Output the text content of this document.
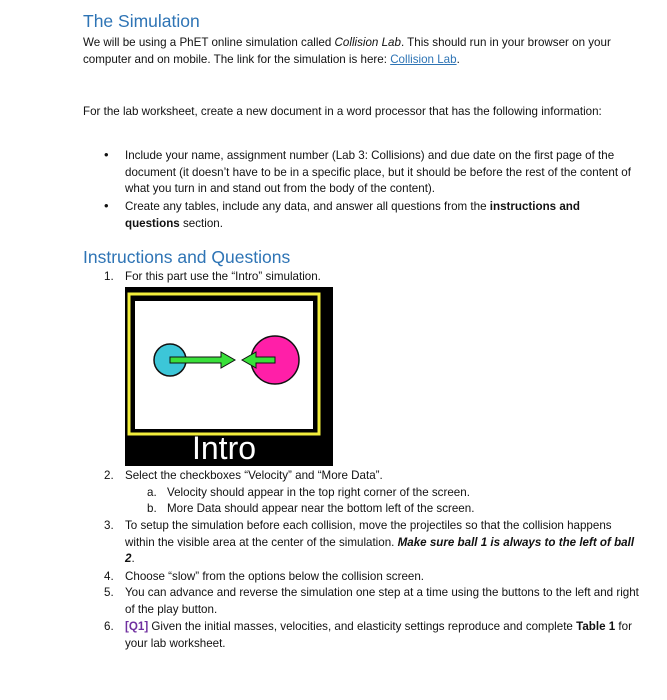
The Simulation

We will be using a PhET online simulation called Collision Lab. This should run in your browser on your computer and on mobile. The link for the simulation is here: Collision Lab.

For the lab worksheet, create a new document in a word processor that has the following information:

•	Include your name, assignment number (Lab 3: Collisions) and due date on the first page of the document (it doesn’t have to be in a specific place, but it should be before the rest of the content of what you turn in and stand out from the body of the content).

•	Create any tables, include any data, and answer all questions from the instructions and questions section.

Instructions and Questions
1. For this part use the “Intro” simulation.

Intro
2. Select the checkboxes “Velocity” and “More Data”.

a. Velocity should appear in the top right corner of the screen.

b. More Data should appear near the bottom left of the screen.

3. To setup the simulation before each collision, move the projectiles so that the collision happens within the visible area at the center of the simulation. Make sure ball 1 is always to the left of ball 2.

4. Choose “slow” from the options below the collision screen.

5. You can advance and reverse the simulation one step at a time using the buttons to the left and right of the play button.

6. [Q1] Given the initial masses, velocities, and elasticity settings reproduce and complete Table 1 for your lab worksheet.
